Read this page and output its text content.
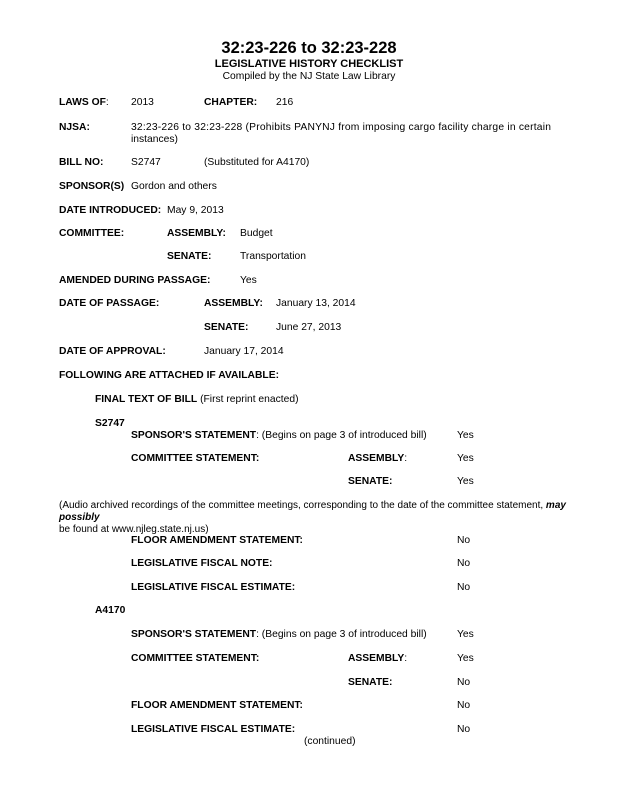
32:23-226 to 32:23-228
LEGISLATIVE HISTORY CHECKLIST
Compiled by the NJ State Law Library
LAWS OF: 2013	CHAPTER: 216
NJSA:	32:23-226 to 32:23-228 (Prohibits PANYNJ from imposing cargo facility charge in certain
instances)
BILL NO:	S2747	(Substituted for A4170)
SPONSOR(S) Gordon and others
DATE INTRODUCED: May 9, 2013
COMMITTEE:	ASSEMBLY: Budget
SENATE:	Transportation
AMENDED DURING PASSAGE:	Yes
DATE OF PASSAGE:	ASSEMBLY: January 13, 2014
SENATE:	June 27, 2013
DATE OF APPROVAL:	January 17, 2014
FOLLOWING ARE ATTACHED IF AVAILABLE:
FINAL TEXT OF BILL (First reprint enacted)
S2747
SPONSOR'S STATEMENT: (Begins on page 3 of introduced bill)	Yes
COMMITTEE STATEMENT:	ASSEMBLY:	Yes
SENATE:	Yes
(Audio archived recordings of the committee meetings, corresponding to the date of the committee statement, may possibly
be found at www.njleg.state.nj.us)
FLOOR AMENDMENT STATEMENT:	No
LEGISLATIVE FISCAL NOTE:	No
LEGISLATIVE FISCAL ESTIMATE:	No
A4170
SPONSOR'S STATEMENT: (Begins on page 3 of introduced bill)	Yes
COMMITTEE STATEMENT:	ASSEMBLY:	Yes
SENATE:	No
FLOOR AMENDMENT STATEMENT:	No
LEGISLATIVE FISCAL ESTIMATE:	No
(continued)
